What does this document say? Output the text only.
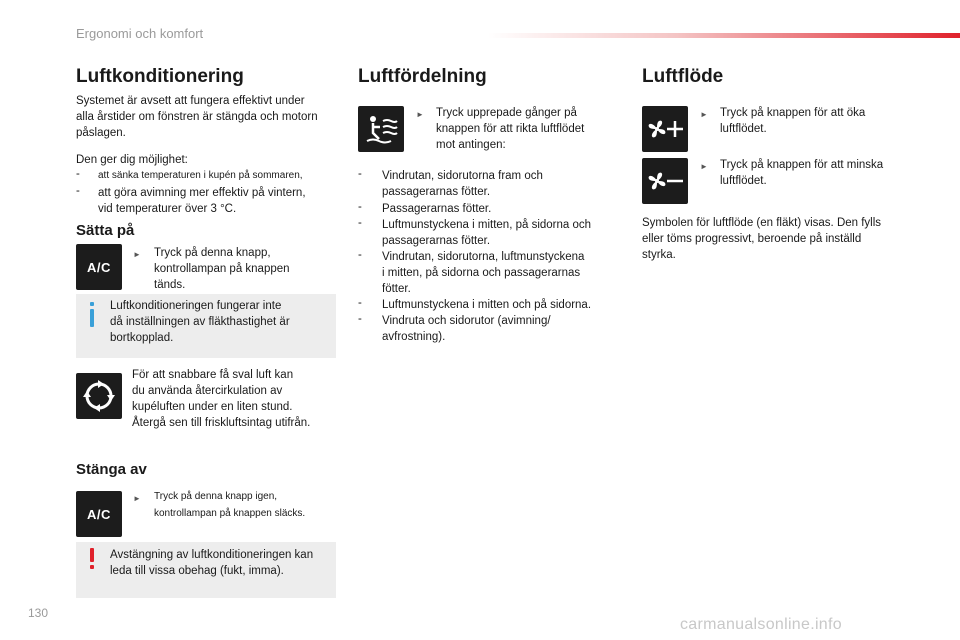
Ergonomi och komfort
Luftkonditionering

Systemet är avsett att fungera effektivt under

alla årstider om fönstren är stängda och motorn

påslagen.

Den ger dig möjlighet:

- att sänka temperaturen i kupén på sommaren,

- att göra avimning mer effektiv på vintern,

vid temperaturer över 3 °C.

Sätta på
A/C
► Tryck på denna knapp,

kontrollampan på knappen

tänds.

Luftkonditioneringen fungerar inte

då inställningen av fläkthastighet är

bortkopplad.

För att snabbare få sval luft kan

du använda återcirkulation av

kupéluften under en liten stund.

Återgå sen till friskluftsintag utifrån.

Stänga av
A/C
► Tryck på denna knapp igen,

kontrollampan på knappen släcks.

Avstängning av luftkonditioneringen kan

leda till vissa obehag (fukt, imma).

Luftfördelning
► Tryck upprepade gånger på

knappen för att rikta luftflödet

mot antingen:

- Vindrutan, sidorutorna fram och

passagerarnas fötter.

- Passagerarnas fötter.

- Luftmunstyckena i mitten, på sidorna och

passagerarnas fötter.

- Vindrutan, sidorutorna, luftmunstyckena

i mitten, på sidorna och passagerarnas

fötter.

- Luftmunstyckena i mitten och på sidorna.

- Vindruta och sidorutor (avimning/

avfrostning).

Luftflöde
► Tryck på knappen för att öka

luftflödet.

► Tryck på knappen för att minska

luftflödet.

Symbolen för luftflöde (en fläkt) visas. Den fylls

eller töms progressivt, beroende på inställd

styrka.

130
carmanualsonline.info
